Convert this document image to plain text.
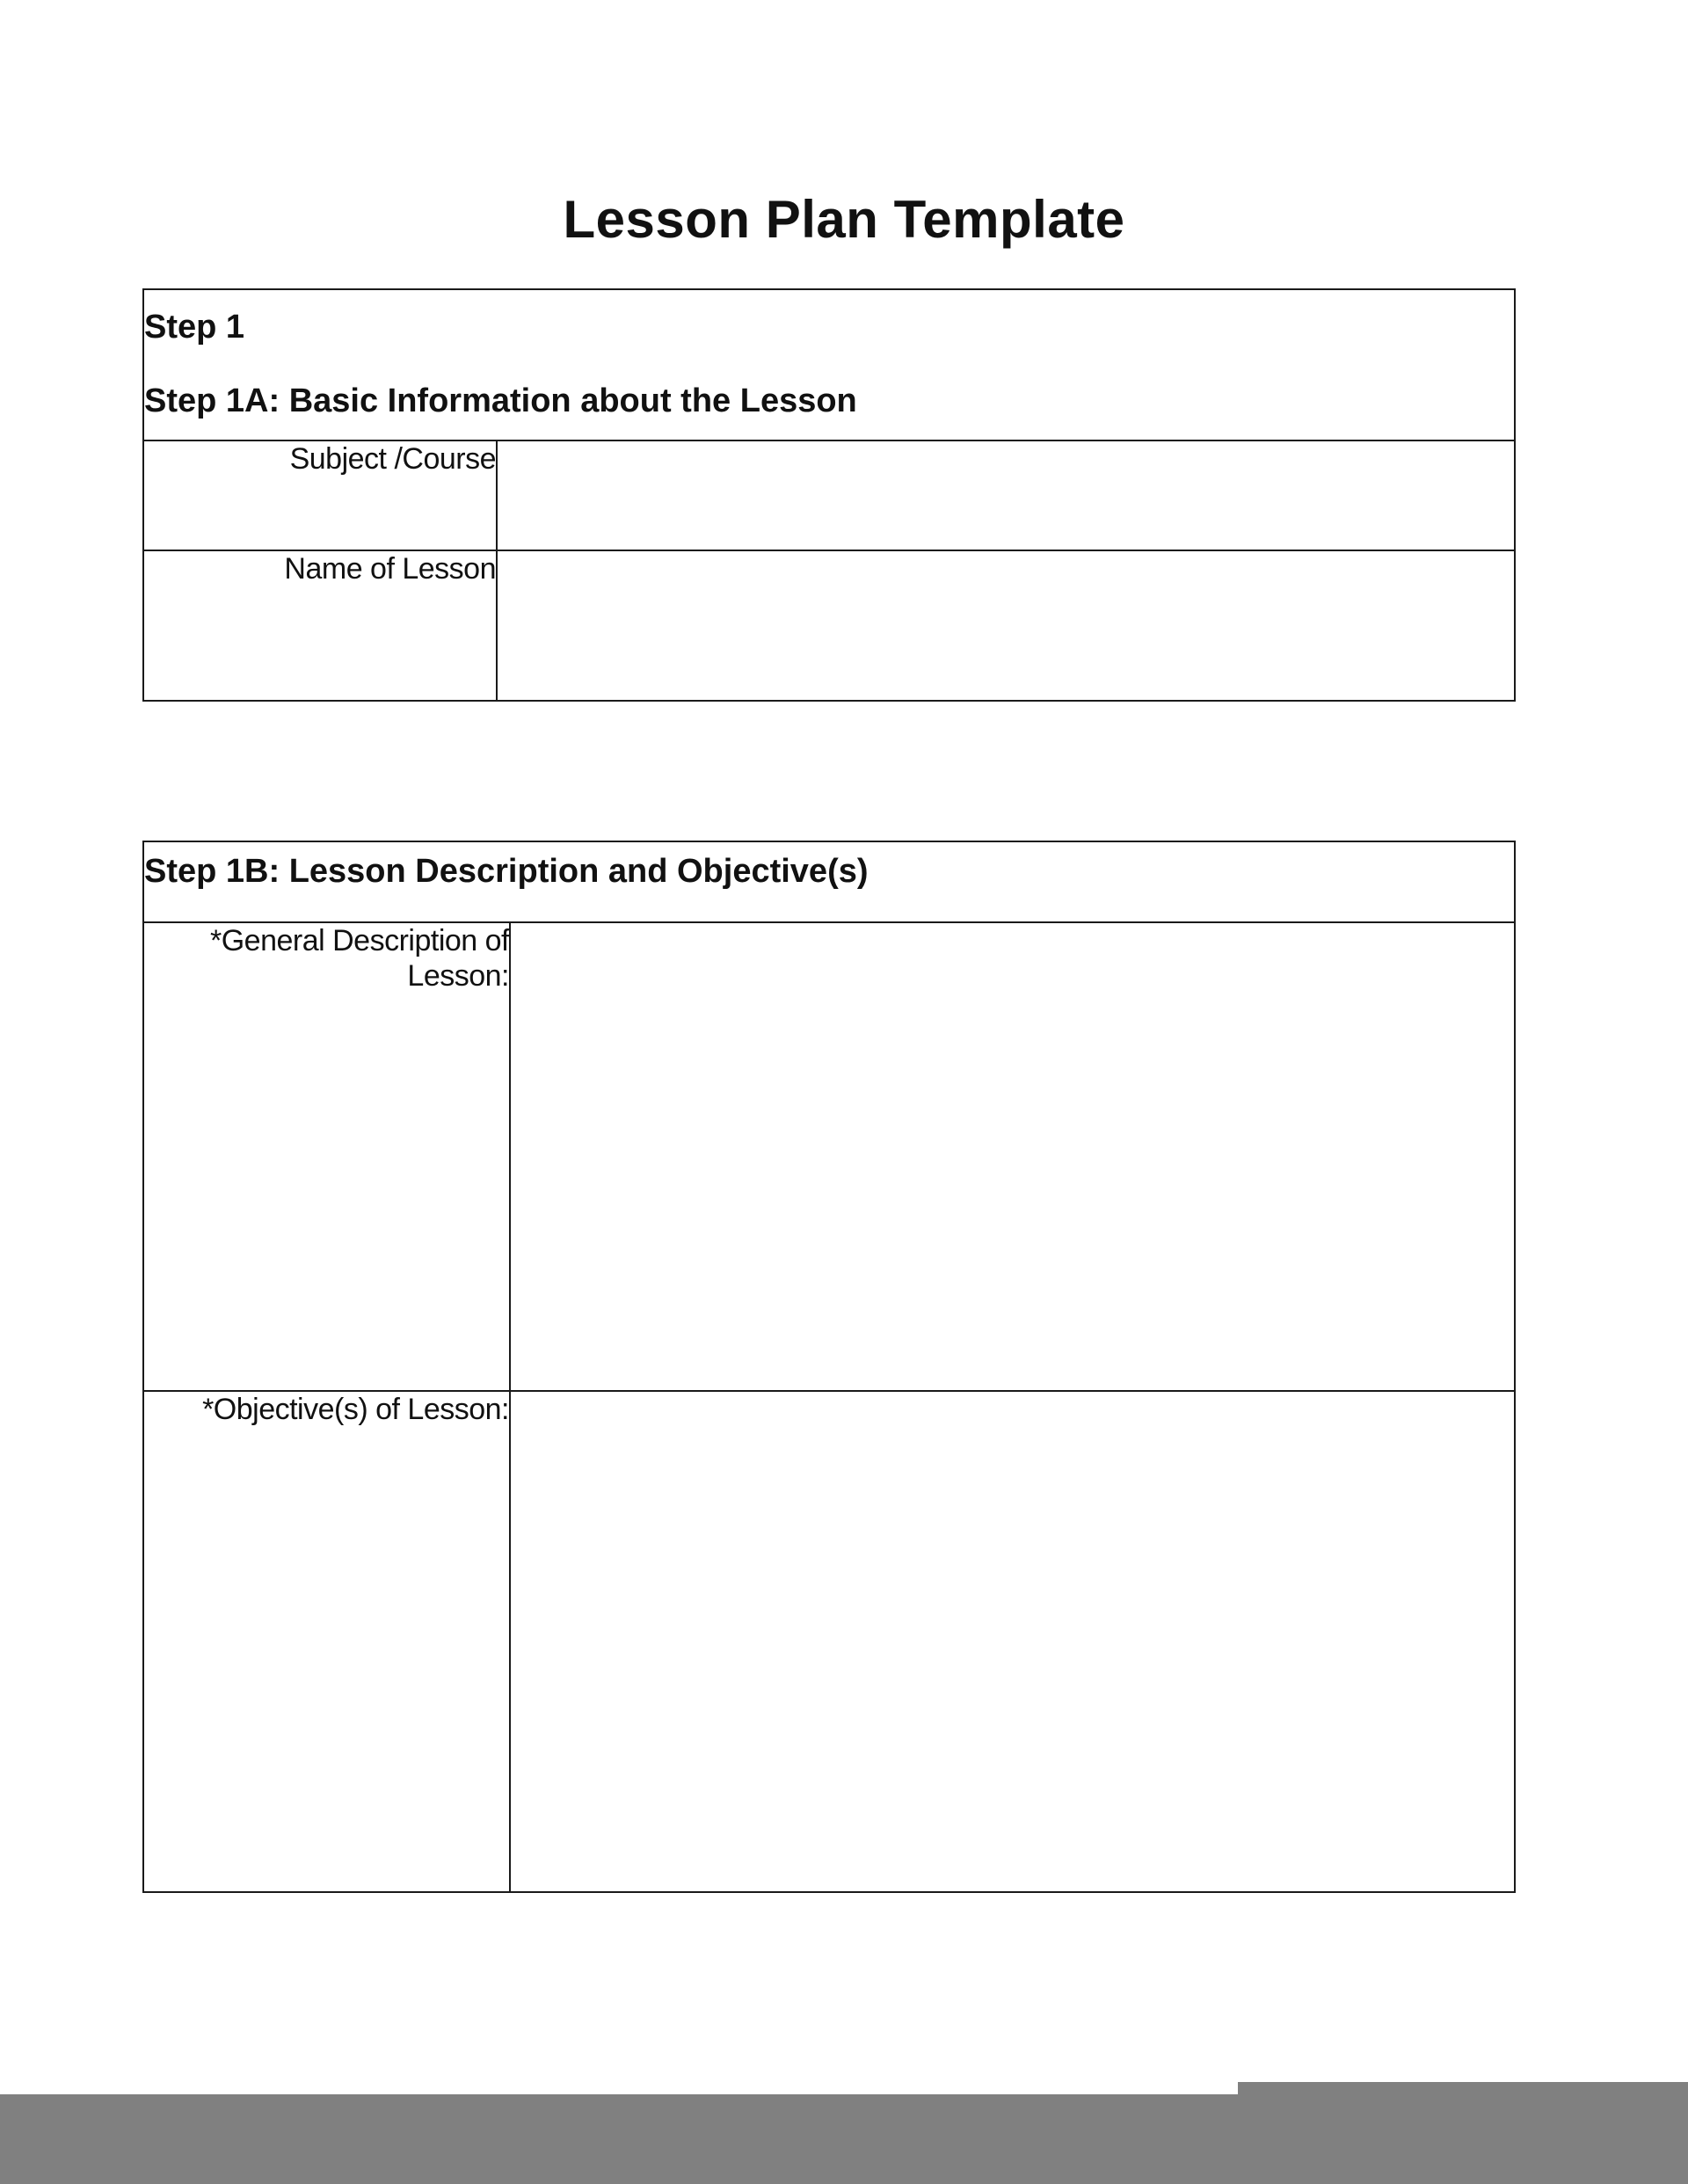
Lesson Plan Template
Step 1
Step 1A: Basic Information about the Lesson	

Subject /Course	
Name of Lesson	
Step 1B: Lesson Description and Objective(s)	
*General Description of Lesson:	
*Objective(s) of Lesson:	
